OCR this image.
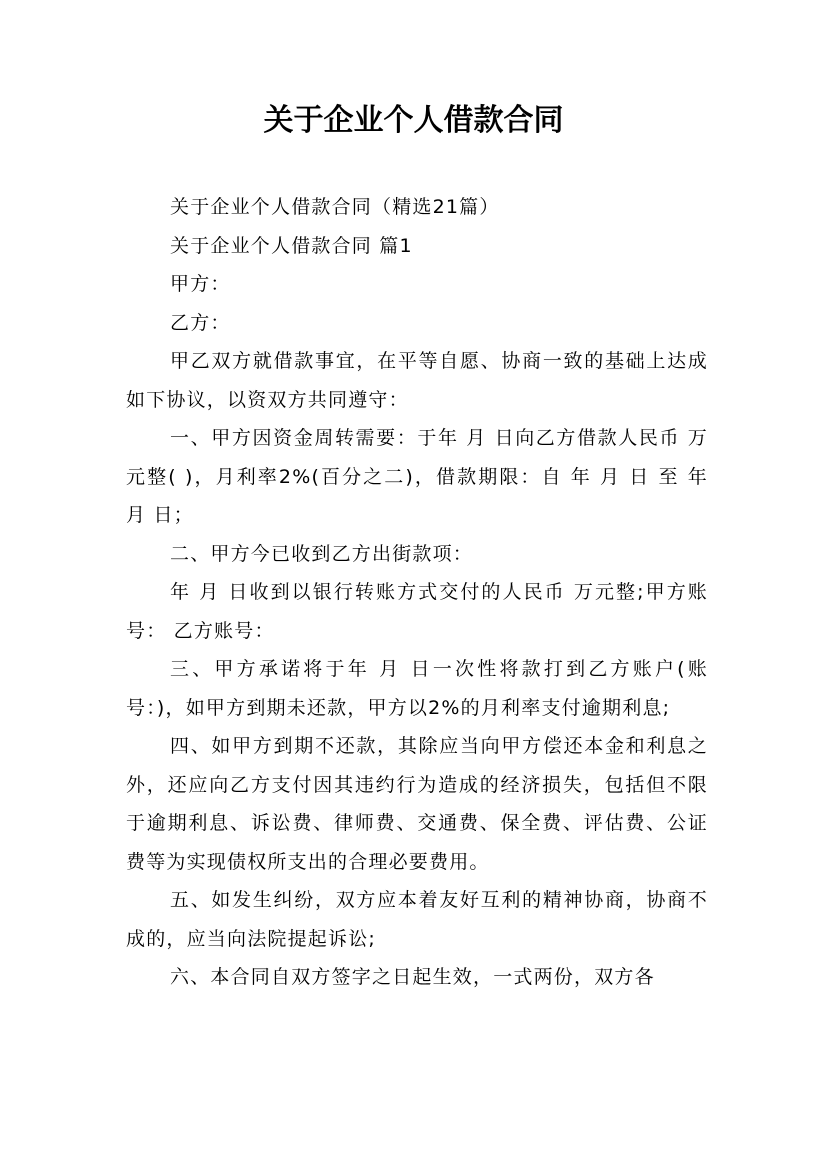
关于企业个人借款合同

关于企业个人借款合同（精选21篇）

关于企业个人借款合同 篇1

甲方：

乙方：

甲乙双方就借款事宜，在平等自愿、协商一致的基础上达成如下协议，以资双方共同遵守：

一、甲方因资金周转需要：于年 月 日向乙方借款人民币 万元整( )，月利率2%(百分之二)，借款期限：自 年 月 日 至 年 月 日；

二、甲方今已收到乙方出街款项：

年 月 日收到以银行转账方式交付的人民币 万元整;甲方账号： 乙方账号：

三、甲方承诺将于年 月 日一次性将款打到乙方账户(账号：)，如甲方到期未还款，甲方以2%的月利率支付逾期利息;

四、如甲方到期不还款，其除应当向甲方偿还本金和利息之外，还应向乙方支付因其违约行为造成的经济损失，包括但不限于逾期利息、诉讼费、律师费、交通费、保全费、评估费、公证费等为实现债权所支出的合理必要费用。

五、如发生纠纷，双方应本着友好互利的精神协商，协商不成的，应当向法院提起诉讼;

六、本合同自双方签字之日起生效，一式两份，双方各
